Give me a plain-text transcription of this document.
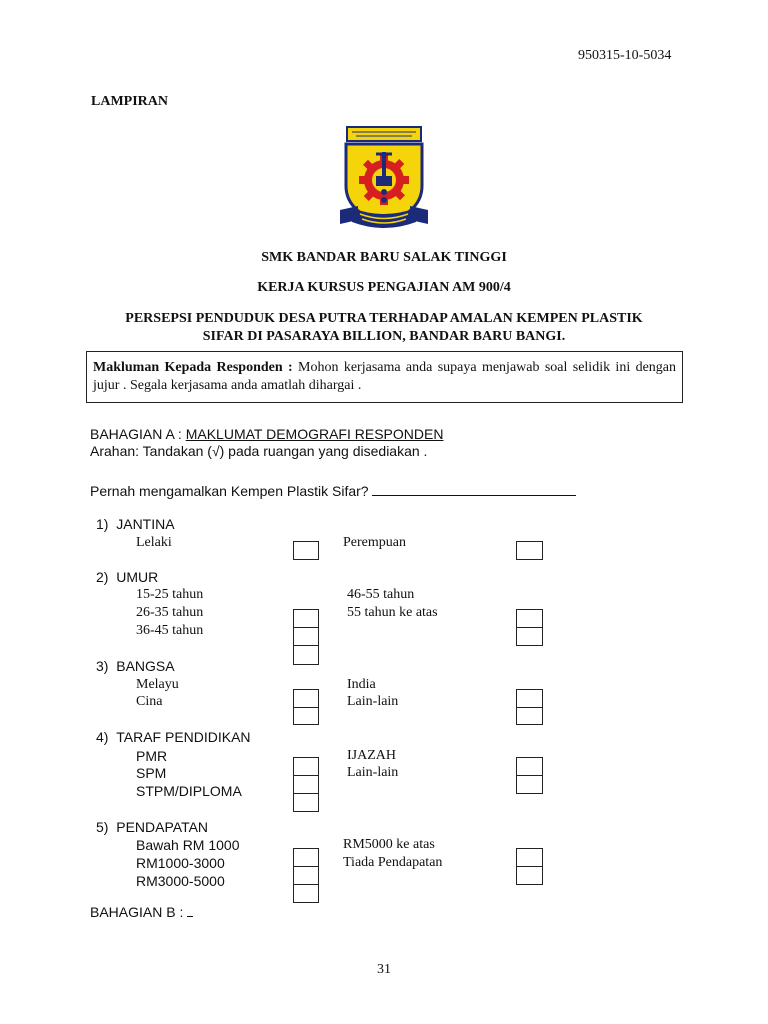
950315-10-5034
LAMPIRAN
SMK BANDAR BARU SALAK TINGGI
KERJA KURSUS PENGAJIAN AM 900/4
PERSEPSI PENDUDUK DESA PUTRA TERHADAP AMALAN KEMPEN PLASTIK
SIFAR DI PASARAYA BILLION, BANDAR BARU BANGI.
Makluman Kepada Responden : Mohon kerjasama anda supaya menjawab soal selidik ini dengan jujur . Segala kerjasama anda amatlah dihargai .
BAHAGIAN A : MAKLUMAT DEMOGRAFI RESPONDEN
Arahan: Tandakan (√) pada ruangan yang disediakan .
Pernah mengamalkan Kempen Plastik Sifar?
1) JANTINA
Lelaki	Perempuan
2) UMUR
15-25 tahun
26-35 tahun
36-45 tahun
46-55 tahun
55 tahun ke atas
3) BANGSA
Melayu
Cina
India
Lain-lain
4) TARAF PENDIDIKAN
PMR
SPM
STPM/DIPLOMA
IJAZAH
Lain-lain
5) PENDAPATAN
Bawah RM 1000
RM1000-3000
RM3000-5000
RM5000 ke atas
Tiada Pendapatan
BAHAGIAN B :
31
